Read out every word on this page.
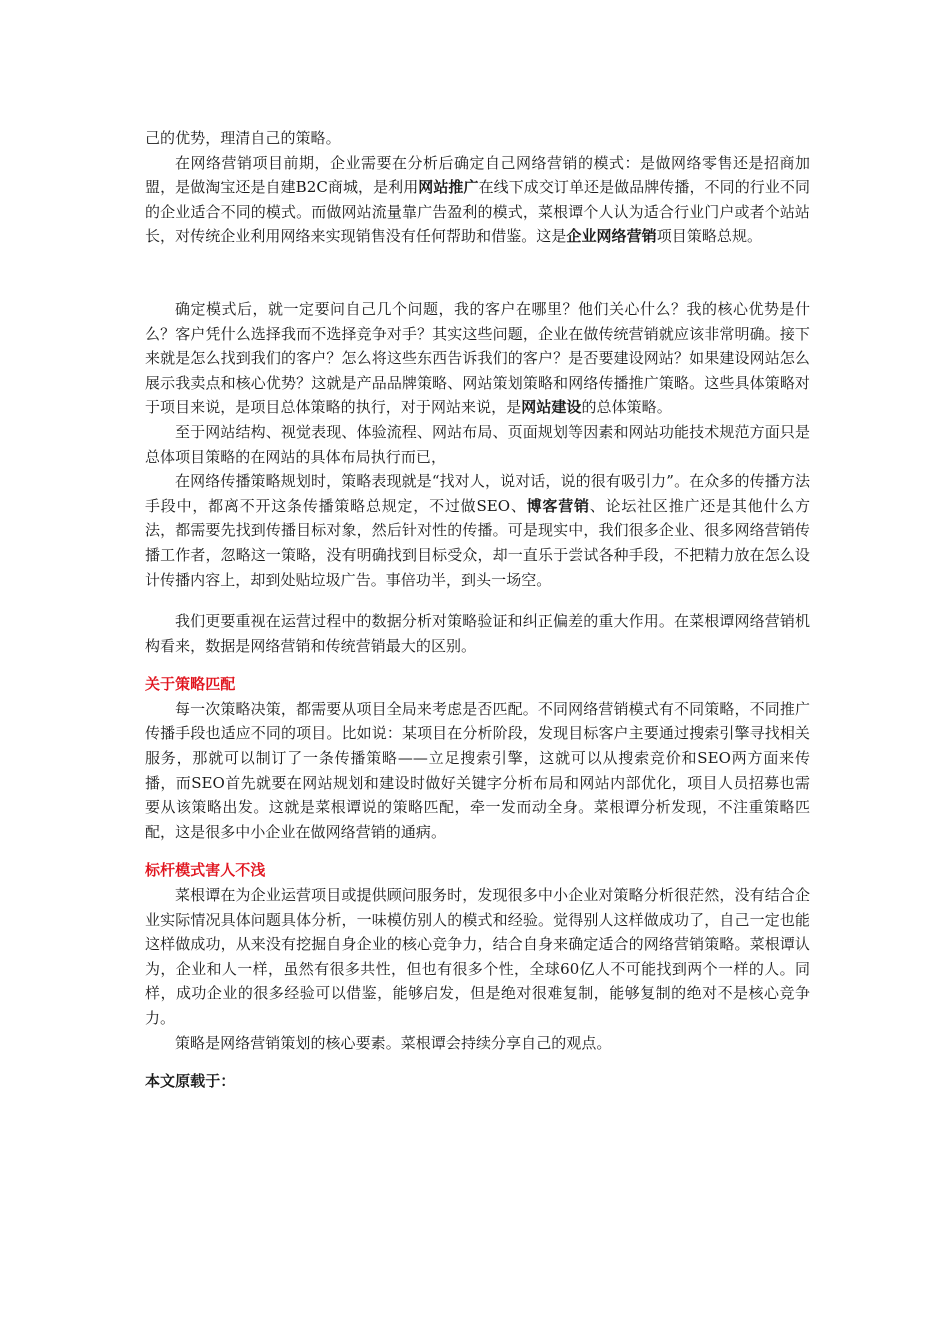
己的优势，理清自己的策略。

在网络营销项目前期，企业需要在分析后确定自己网络营销的模式：是做网络零售还是招商加盟，是做淘宝还是自建B2C商城，是利用网站推广在线下成交订单还是做品牌传播，不同的行业不同的企业适合不同的模式。而做网站流量靠广告盈利的模式，菜根谭个人认为适合行业门户或者个站站长，对传统企业利用网络来实现销售没有任何帮助和借鉴。这是企业网络营销项目策略总规。

确定模式后，就一定要问自己几个问题，我的客户在哪里？他们关心什么？我的核心优势是什么？客户凭什么选择我而不选择竞争对手？其实这些问题，企业在做传统营销就应该非常明确。接下来就是怎么找到我们的客户？怎么将这些东西告诉我们的客户？是否要建设网站？如果建设网站怎么展示我卖点和核心优势？这就是产品品牌策略、网站策划策略和网络传播推广策略。这些具体策略对于项目来说，是项目总体策略的执行，对于网站来说，是网站建设的总体策略。

至于网站结构、视觉表现、体验流程、网站布局、页面规划等因素和网站功能技术规范方面只是总体项目策略的在网站的具体布局执行而已，

在网络传播策略规划时，策略表现就是“找对人，说对话，说的很有吸引力”。在众多的传播方法手段中，都离不开这条传播策略总规定，不过做SEO、博客营销、论坛社区推广还是其他什么方法，都需要先找到传播目标对象，然后针对性的传播。可是现实中，我们很多企业、很多网络营销传播工作者，忽略这一策略，没有明确找到目标受众，却一直乐于尝试各种手段，不把精力放在怎么设计传播内容上，却到处贴垃圾广告。事倍功半，到头一场空。

我们更要重视在运营过程中的数据分析对策略验证和纠正偏差的重大作用。在菜根谭网络营销机构看来，数据是网络营销和传统营销最大的区别。

关于策略匹配

每一次策略决策，都需要从项目全局来考虑是否匹配。不同网络营销模式有不同策略，不同推广传播手段也适应不同的项目。比如说：某项目在分析阶段，发现目标客户主要通过搜索引擎寻找相关服务，那就可以制订了一条传播策略——立足搜索引擎，这就可以从搜索竞价和SEO两方面来传播，而SEO首先就要在网站规划和建设时做好关键字分析布局和网站内部优化，项目人员招募也需要从该策略出发。这就是菜根谭说的策略匹配，牵一发而动全身。菜根谭分析发现，不注重策略匹配，这是很多中小企业在做网络营销的通病。

标杆模式害人不浅

菜根谭在为企业运营项目或提供顾问服务时，发现很多中小企业对策略分析很茫然，没有结合企业实际情况具体问题具体分析，一味模仿别人的模式和经验。觉得别人这样做成功了，自己一定也能这样做成功，从来没有挖掘自身企业的核心竞争力，结合自身来确定适合的网络营销策略。菜根谭认为，企业和人一样，虽然有很多共性，但也有很多个性，全球60亿人不可能找到两个一样的人。同样，成功企业的很多经验可以借鉴，能够启发，但是绝对很难复制，能够复制的绝对不是核心竞争力。

策略是网络营销策划的核心要素。菜根谭会持续分享自己的观点。

本文原载于：
